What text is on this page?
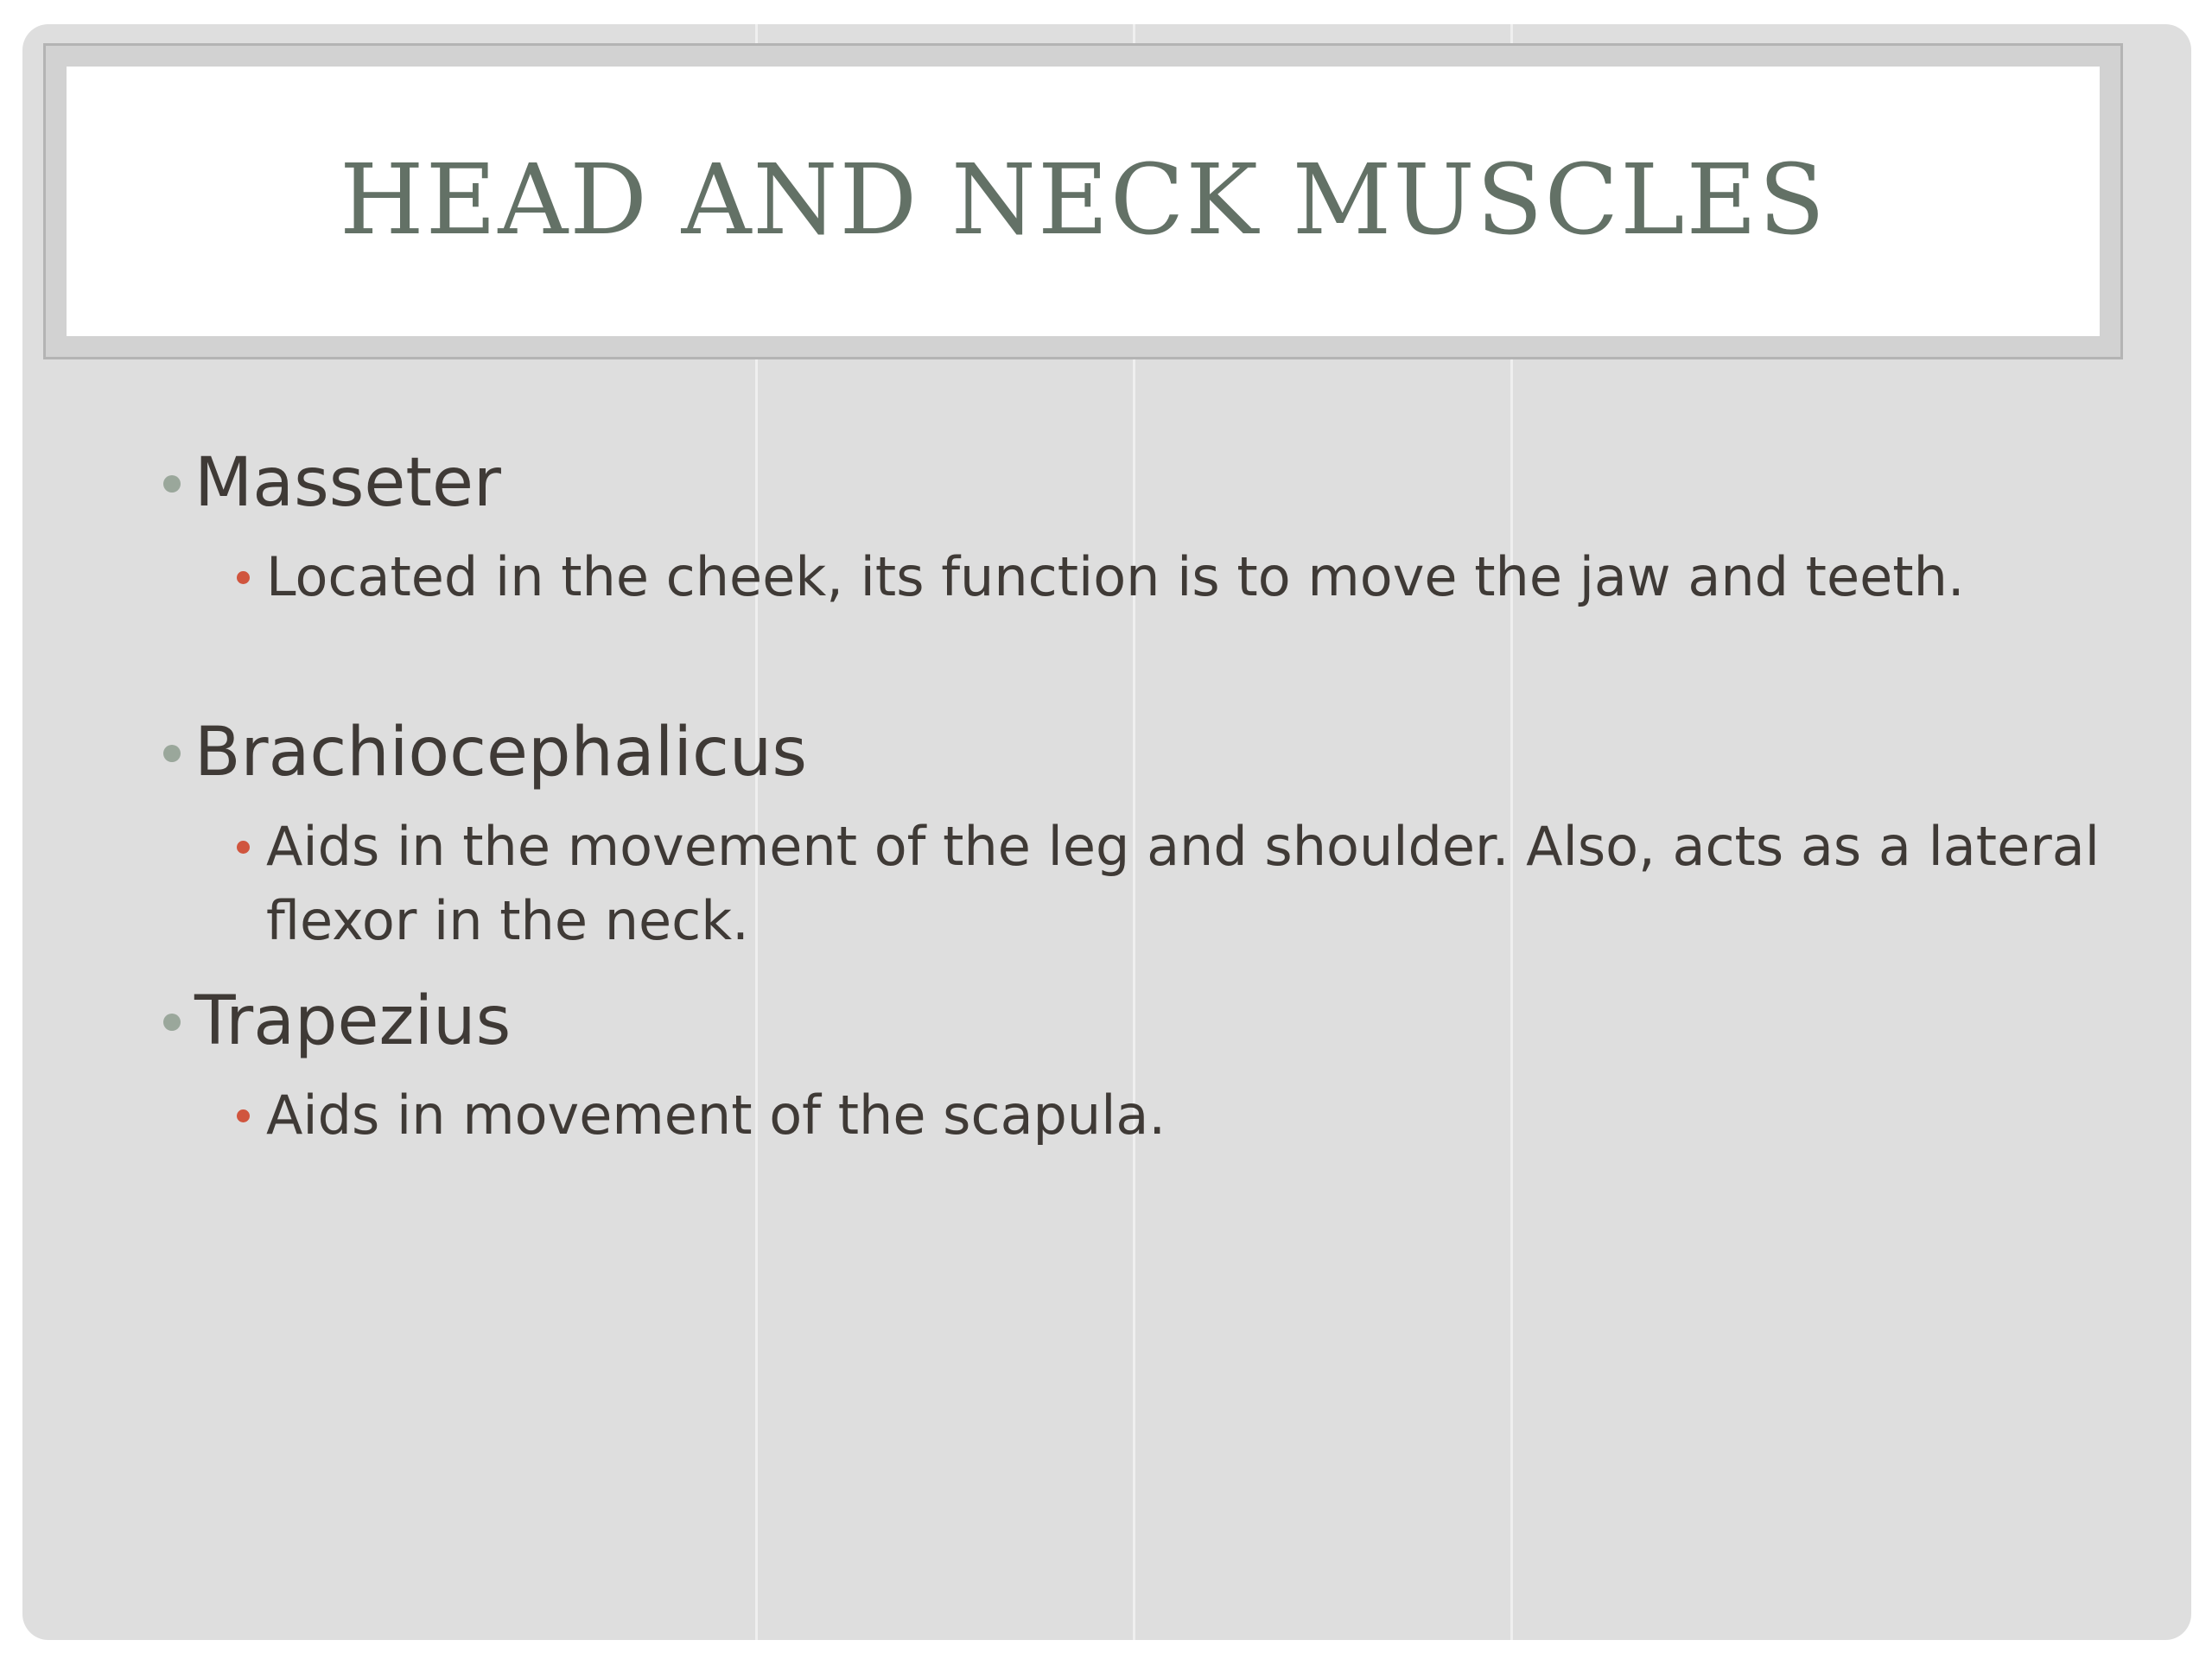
HEAD AND NECK MUSCLES
Masseter
Located in the cheek, its function is to move the jaw and teeth.
Brachiocephalicus
Aids in the movement of the leg and shoulder. Also, acts as a lateral flexor in the neck.
Trapezius
Aids in movement of the scapula.
